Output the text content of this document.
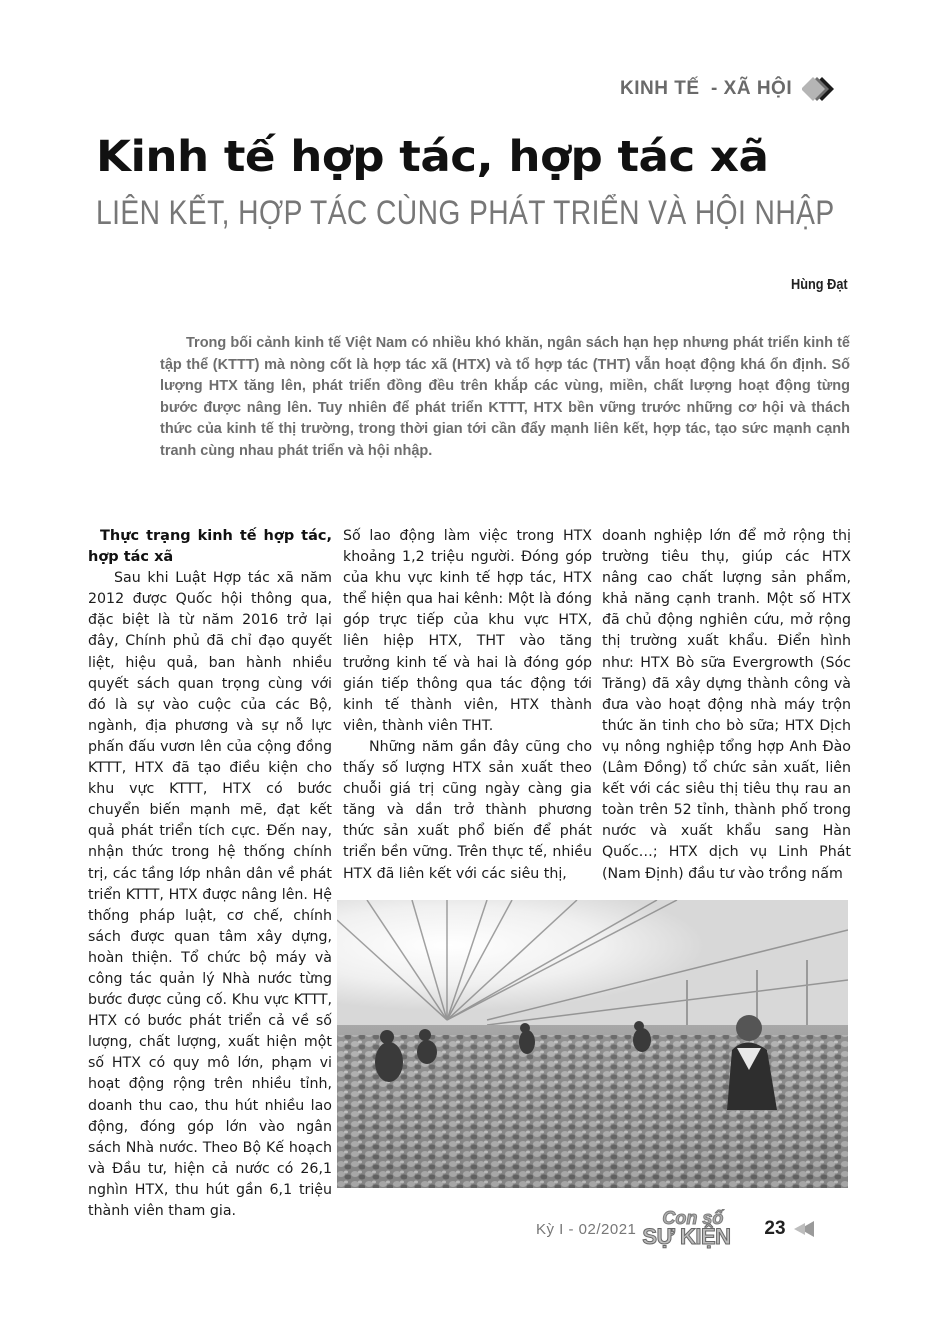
KINH TẾ  - XÃ HỘI
Kinh tế hợp tác, hợp tác xã
LIÊN KẾT, HỢP TÁC CÙNG PHÁT TRIỂN VÀ HỘI NHẬP
Hùng Đạt
Trong bối cảnh kinh tế Việt Nam có nhiều khó khăn, ngân sách hạn hẹp nhưng phát triển kinh tế tập thể (KTTT) mà nòng cốt là hợp tác xã (HTX) và tổ hợp tác (THT) vẫn hoạt động khá ổn định. Số lượng HTX tăng lên, phát triển đồng đều trên khắp các vùng, miền, chất lượng hoạt động từng bước được nâng lên. Tuy nhiên để phát triển KTTT, HTX bền vững trước những cơ hội và thách thức của kinh tế thị trường, trong thời gian tới cần đẩy mạnh liên kết, hợp tác, tạo sức mạnh cạnh tranh cùng nhau phát triển và hội nhập.
Thực trạng kinh tế hợp tác, hợp tác xã

Sau khi Luật Hợp tác xã năm 2012 được Quốc hội thông qua, đặc biệt là từ năm 2016 trở lại đây, Chính phủ đã chỉ đạo quyết liệt, hiệu quả, ban hành nhiều quyết sách quan trọng cùng với đó là sự vào cuộc của các Bộ, ngành, địa phương và sự nỗ lực phấn đấu vươn lên của cộng đồng KTTT, HTX đã tạo điều kiện cho khu vực KTTT, HTX có bước chuyển biến mạnh mẽ, đạt kết quả phát triển tích cực. Đến nay, nhận thức trong hệ thống chính trị, các tầng lớp nhân dân về phát triển KTTT, HTX được nâng lên. Hệ thống pháp luật, cơ chế, chính sách được quan tâm xây dựng, hoàn thiện. Tổ chức bộ máy và công tác quản lý Nhà nước từng bước được củng cố. Khu vực KTTT, HTX có bước phát triển cả về số lượng, chất lượng, xuất hiện một số HTX có quy mô lớn, phạm vi hoạt động rộng trên nhiều tỉnh, doanh thu cao, thu hút nhiều lao động, đóng góp lớn vào ngân sách Nhà nước. Theo Bộ Kế hoạch và Đầu tư, hiện cả nước có 26,1 nghìn HTX, thu hút gần 6,1 triệu thành viên tham gia.

Số lao động làm việc trong HTX khoảng 1,2 triệu người. Đóng góp của khu vực kinh tế hợp tác, HTX thể hiện qua hai kênh: Một là đóng góp trực tiếp của khu vực HTX, liên hiệp HTX, THT vào tăng trưởng kinh tế và hai là đóng góp gián tiếp thông qua tác động tới kinh tế thành viên, HTX thành viên, thành viên THT.

Những năm gần đây cũng cho thấy số lượng HTX sản xuất theo chuỗi giá trị cũng ngày càng gia tăng và dần trở thành phương thức sản xuất phổ biến để phát triển bền vững. Trên thực tế, nhiều HTX đã liên kết với các siêu thị,

doanh nghiệp lớn để mở rộng thị trường tiêu thụ, giúp các HTX nâng cao chất lượng sản phẩm, khả năng cạnh tranh. Một số HTX đã chủ động nghiên cứu, mở rộng thị trường xuất khẩu. Điển hình như: HTX Bò sữa Evergrowth (Sóc Trăng) đã xây dựng thành công và đưa vào hoạt động nhà máy trộn thức ăn tinh cho bò sữa; HTX Dịch vụ nông nghiệp tổng hợp Anh Đào (Lâm Đồng) tổ chức sản xuất, liên kết với các siêu thị tiêu thụ rau an toàn trên 52 tỉnh, thành phố trong nước và xuất khẩu sang Hàn Quốc…; HTX dịch vụ Linh Phát (Nam Định) đầu tư vào trồng nấm

Kỳ I - 02/2021
Con số
SỰ KIỆN 23
